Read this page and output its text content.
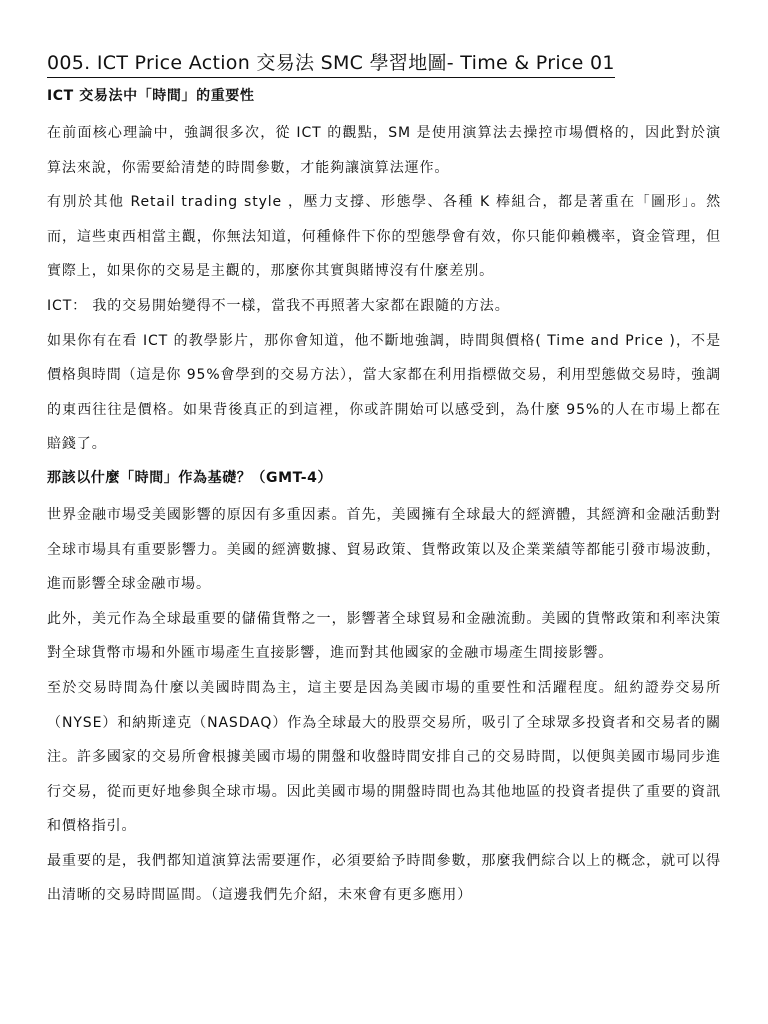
005. ICT Price Action 交易法 SMC 學習地圖- Time & Price 01
ICT 交易法中「時間」的重要性

在前面核心理論中，強調很多次，從 ICT 的觀點，SM 是使用演算法去操控市場價格的，因此對於演算法來說，你需要給清楚的時間參數，才能夠讓演算法運作。

有別於其他 Retail trading style ，壓力支撐、形態學、各種 K 棒組合，都是著重在「圖形」。然而，這些東西相當主觀，你無法知道，何種條件下你的型態學會有效，你只能仰賴機率，資金管理，但實際上，如果你的交易是主觀的，那麼你其實與賭博沒有什麼差別。

ICT： 我的交易開始變得不一樣，當我不再照著大家都在跟隨的方法。

如果你有在看 ICT 的教學影片，那你會知道，他不斷地強調，時間與價格( Time and Price )，不是價格與時間（這是你 95%會學到的交易方法），當大家都在利用指標做交易，利用型態做交易時，強調的東西往往是價格。如果背後真正的到這裡，你或許開始可以感受到，為什麼 95%的人在市場上都在賠錢了。

那該以什麼「時間」作為基礎？（GMT-4）

世界金融市場受美國影響的原因有多重因素。首先，美國擁有全球最大的經濟體，其經濟和金融活動對全球市場具有重要影響力。美國的經濟數據、貿易政策、貨幣政策以及企業業績等都能引發市場波動，進而影響全球金融市場。

此外，美元作為全球最重要的儲備貨幣之一，影響著全球貿易和金融流動。美國的貨幣政策和利率決策對全球貨幣市場和外匯市場產生直接影響，進而對其他國家的金融市場產生間接影響。

至於交易時間為什麼以美國時間為主，這主要是因為美國市場的重要性和活躍程度。紐約證券交易所（NYSE）和納斯達克（NASDAQ）作為全球最大的股票交易所，吸引了全球眾多投資者和交易者的關注。許多國家的交易所會根據美國市場的開盤和收盤時間安排自己的交易時間，以便與美國市場同步進行交易，從而更好地參與全球市場。因此美國市場的開盤時間也為其他地區的投資者提供了重要的資訊和價格指引。

最重要的是，我們都知道演算法需要運作，必須要給予時間參數，那麼我們綜合以上的概念，就可以得出清晰的交易時間區間。（這邊我們先介紹，未來會有更多應用）
